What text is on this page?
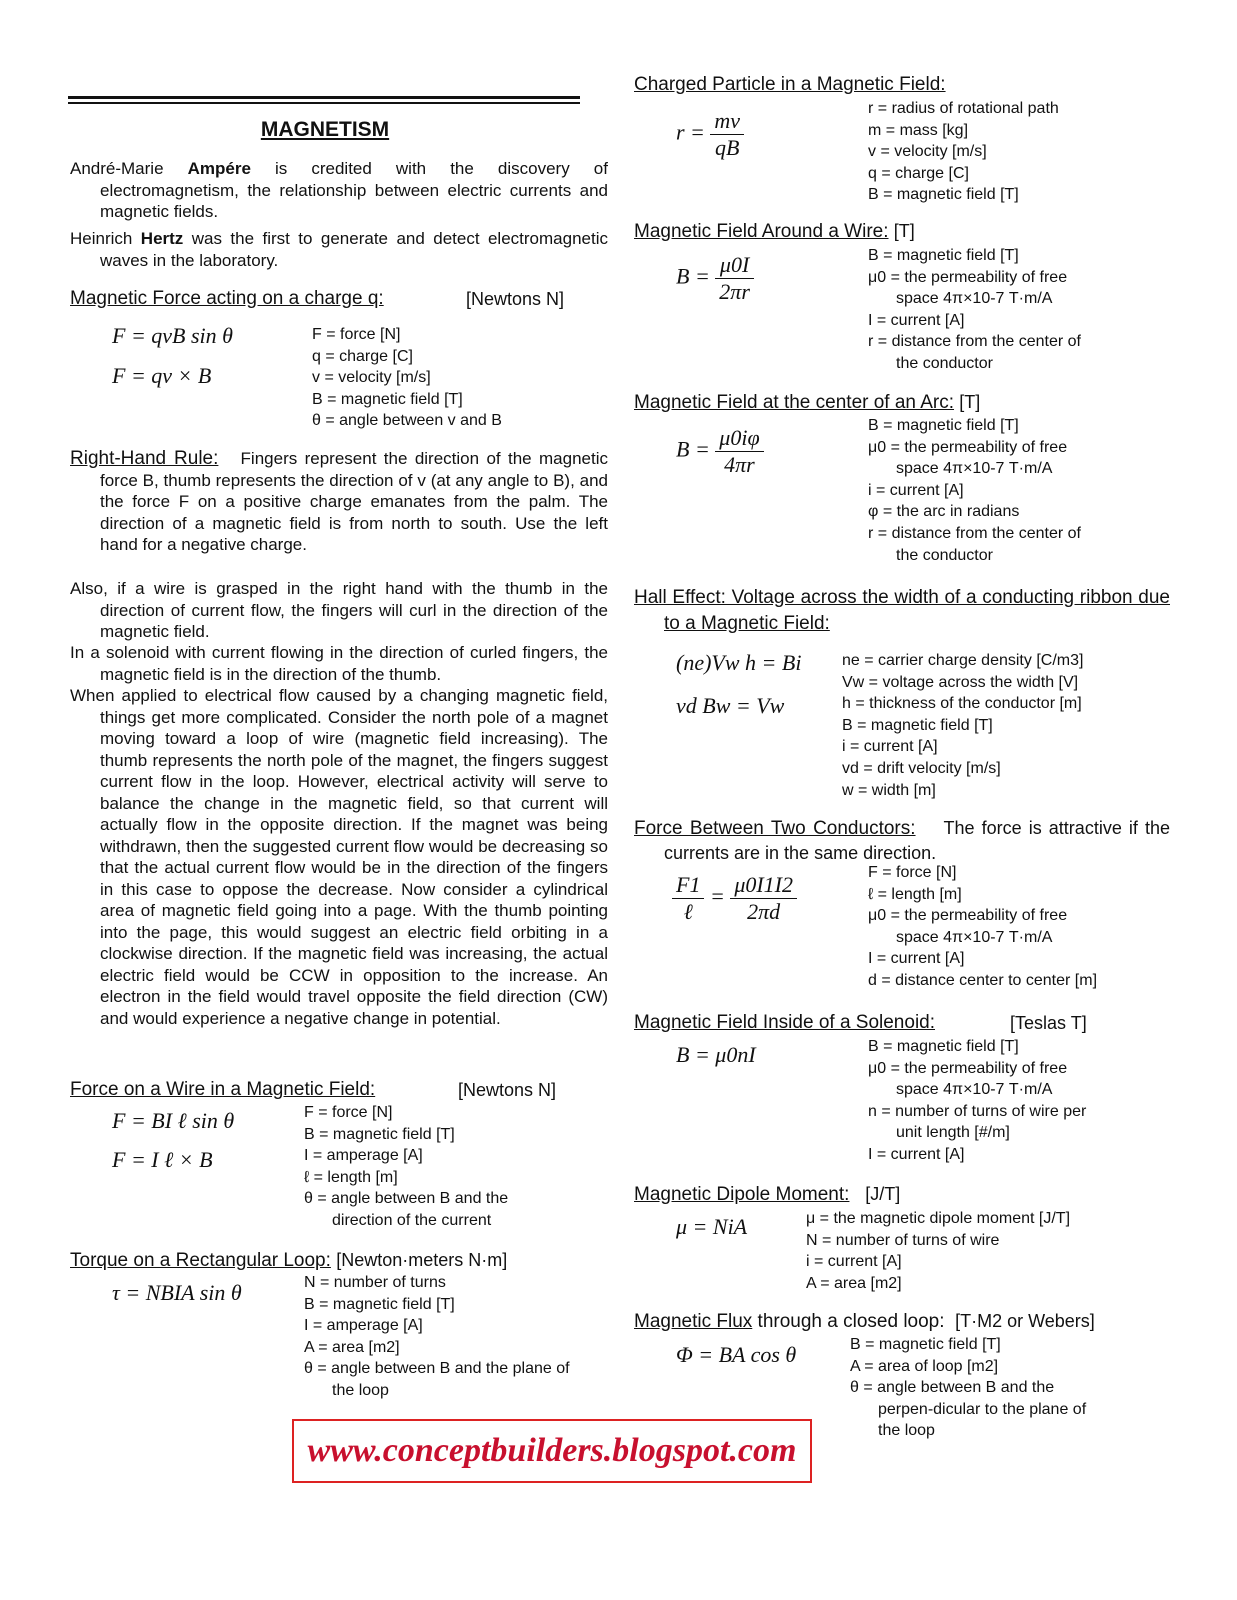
MAGNETISM
André-Marie Ampére is credited with the discovery of electromagnetism, the relationship between electric currents and magnetic fields.
Heinrich Hertz was the first to generate and detect electromagnetic waves in the laboratory.
Magnetic Force acting on a charge q:	[Newtons N]
F = qvB sin θ
F = qv × B
F = force [N]
q = charge [C]
v = velocity [m/s]
B = magnetic field [T]
θ = angle between v and B
Right-Hand Rule: Fingers represent the direction of the magnetic force B, thumb represents the direction of v (at any angle to B), and the force F on a positive charge emanates from the palm. The direction of a magnetic field is from north to south. Use the left hand for a negative charge.
Also, if a wire is grasped in the right hand with the thumb in the direction of current flow, the fingers will curl in the direction of the magnetic field.
In a solenoid with current flowing in the direction of curled fingers, the magnetic field is in the direction of the thumb.
When applied to electrical flow caused by a changing magnetic field, things get more complicated. Consider the north pole of a magnet moving toward a loop of wire (magnetic field increasing). The thumb represents the north pole of the magnet, the fingers suggest current flow in the loop. However, electrical activity will serve to balance the change in the magnetic field, so that current will actually flow in the opposite direction. If the magnet was being withdrawn, then the suggested current flow would be decreasing so that the actual current flow would be in the direction of the fingers in this case to oppose the decrease. Now consider a cylindrical area of magnetic field going into a page. With the thumb pointing into the page, this would suggest an electric field orbiting in a clockwise direction. If the magnetic field was increasing, the actual electric field would be CCW in opposition to the increase. An electron in the field would travel opposite the field direction (CW) and would experience a negative change in potential.
Force on a Wire in a Magnetic Field:	[Newtons N]
F = BI ℓ sin θ
F = I ℓ × B
F = force [N]
B = magnetic field [T]
I = amperage [A]
ℓ = length [m]
θ = angle between B and the direction of the current
Torque on a Rectangular Loop: [Newton·meters N·m]
τ = NBIA sin θ	N = number of turns
B = magnetic field [T]
I = amperage [A]
A = area [m2]
θ = angle between B and the plane of the loop
Charged Particle in a Magnetic Field:
$r = \frac{mv}{qB}$	r = radius of rotational path
m = mass [kg]
v = velocity [m/s]
q = charge [C]
B = magnetic field [T]
Magnetic Field Around a Wire: [T]
$B = \frac{\mu 0I}{2\pi r}$	B = magnetic field [T]
μ0 = the permeability of free
space 4π×10-7 T·m/A
I = current [A]
r = distance from the center of
the conductor
Magnetic Field at the center of an Arc: [T]
$B = \frac{\mu 0i\varphi}{4\pi r}$	B = magnetic field [T]
μ0 = the permeability of free
space 4π×10-7 T·m/A
i = current [A]
φ = the arc in radians
r = distance from the center of
the conductor
Hall Effect: Voltage across the width of a conducting ribbon due to a Magnetic Field:
(ne)Vw h = Bi
vd Bw = Vw
ne = carrier charge density [C/m3]
Vw = voltage across the width [V]
h = thickness of the conductor [m]
B = magnetic field [T]
i = current [A]
vd = drift velocity [m/s]
w = width [m]
Force Between Two Conductors: The force is attractive if the currents are in the same direction.
$\frac{F1}{\text{ℓ}} = \frac{\mu 0I1I2}{2\pi d}$	F = force [N]
ℓ = length [m]
μ0 = the permeability of free
space 4π×10-7 T·m/A
I = current [A]
d = distance center to center [m]
Magnetic Field Inside of a Solenoid:	[Teslas T]
B = μ0nI	B = magnetic field [T]
μ0 = the permeability of free
space 4π×10-7 T·m/A
n = number of turns of wire per
unit length [#/m]
I = current [A]
Magnetic Dipole Moment: [J/T]
μ = NiA	μ = the magnetic dipole moment [J/T]
N = number of turns of wire
i = current [A]
A = area [m2]
Magnetic Flux through a closed loop: [T·M2 or Webers]
Φ = BA cos θ	B = magnetic field [T]
A = area of loop [m2]
θ = angle between B and the
perpen-dicular to the plane of
the loop
www.conceptbuilders.blogspot.com
